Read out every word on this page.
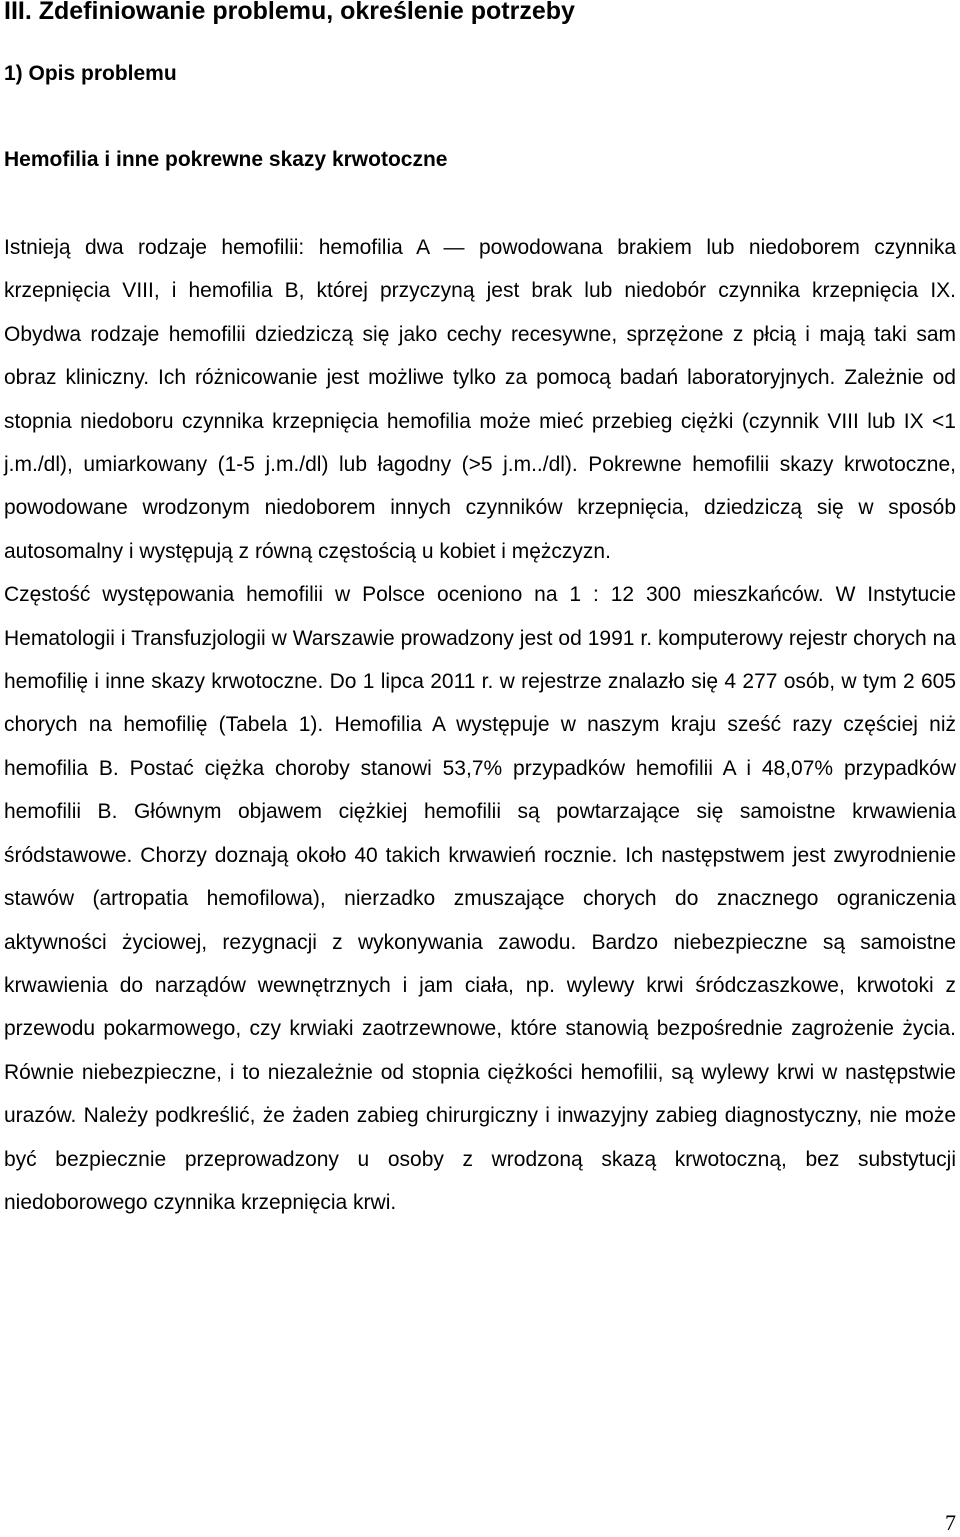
III. Zdefiniowanie problemu, określenie potrzeby
1) Opis problemu
Hemofilia i inne pokrewne skazy krwotoczne

Istnieją dwa rodzaje hemofilii: hemofilia A — powodowana brakiem lub niedoborem czynnika krzepnięcia VIII, i hemofilia B, której przyczyną jest brak lub niedobór czynnika krzepnięcia IX. Obydwa rodzaje hemofilii dziedziczą się jako cechy recesywne, sprzężone z płcią i mają taki sam obraz kliniczny. Ich różnicowanie jest możliwe tylko za pomocą badań laboratoryjnych. Zależnie od stopnia niedoboru czynnika krzepnięcia hemofilia może mieć przebieg ciężki (czynnik VIII lub IX <1 j.m./dl), umiarkowany (1-5 j.m./dl) lub łagodny (>5 j.m../dl). Pokrewne hemofilii skazy krwotoczne, powodowane wrodzonym niedoborem innych czynników krzepnięcia, dziedziczą się w sposób autosomalny i występują z równą częstością u kobiet i mężczyzn.

Częstość występowania hemofilii w Polsce oceniono na 1 : 12 300 mieszkańców. W Instytucie Hematologii i Transfuzjologii w Warszawie prowadzony jest od 1991 r. komputerowy rejestr chorych na hemofilię i inne skazy krwotoczne. Do 1 lipca 2011 r. w rejestrze znalazło się 4 277 osób, w tym 2 605 chorych na hemofilię (Tabela 1). Hemofilia A występuje w naszym kraju sześć razy częściej niż hemofilia B. Postać ciężka choroby stanowi 53,7% przypadków hemofilii A i 48,07% przypadków hemofilii B. Głównym objawem ciężkiej hemofilii są powtarzające się samoistne krwawienia śródstawowe. Chorzy doznają około 40 takich krwawień rocznie. Ich następstwem jest zwyrodnienie stawów (artropatia hemofilowa), nierzadko zmuszające chorych do znacznego ograniczenia aktywności życiowej, rezygnacji z wykonywania zawodu. Bardzo niebezpieczne są samoistne krwawienia do narządów wewnętrznych i jam ciała, np. wylewy krwi śródczaszkowe, krwotoki z przewodu pokarmowego, czy krwiaki zaotrzewnowe, które stanowią bezpośrednie zagrożenie życia. Równie niebezpieczne, i to niezależnie od stopnia ciężkości hemofilii, są wylewy krwi w następstwie urazów. Należy podkreślić, że żaden zabieg chirurgiczny i inwazyjny zabieg diagnostyczny, nie może być bezpiecznie przeprowadzony u osoby z wrodzoną skazą krwotoczną, bez substytucji niedoborowego czynnika krzepnięcia krwi.

7
